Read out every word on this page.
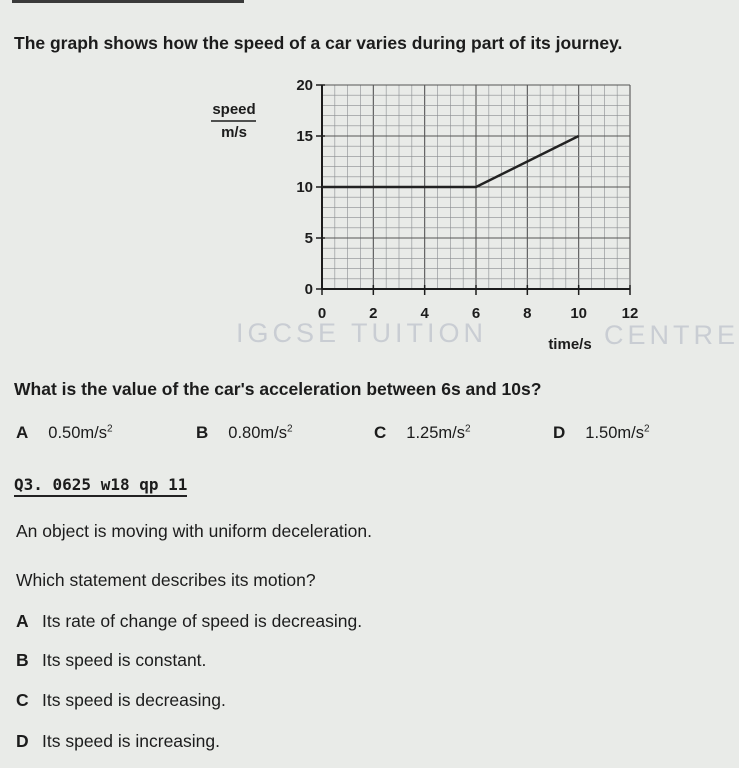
The graph shows how the speed of a car varies during part of its journey.
IGCSE TUITION	CENTRE
0	2	4	6	8	10 12
0
5
10
15
20
speed
m/s
time/s
What is the value of the car's acceleration between 6s and 10s?
A $0.50m/s^2$	B $0.80m/s^2$	C $1.25m/s^2$	D $1.50m/s^2$
Q3. 0625 w18 qp 11
An object is moving with uniform deceleration.
Which statement describes its motion?
A Its rate of change of speed is decreasing.
B Its speed is constant.
C Its speed is decreasing.
D Its speed is increasing.
